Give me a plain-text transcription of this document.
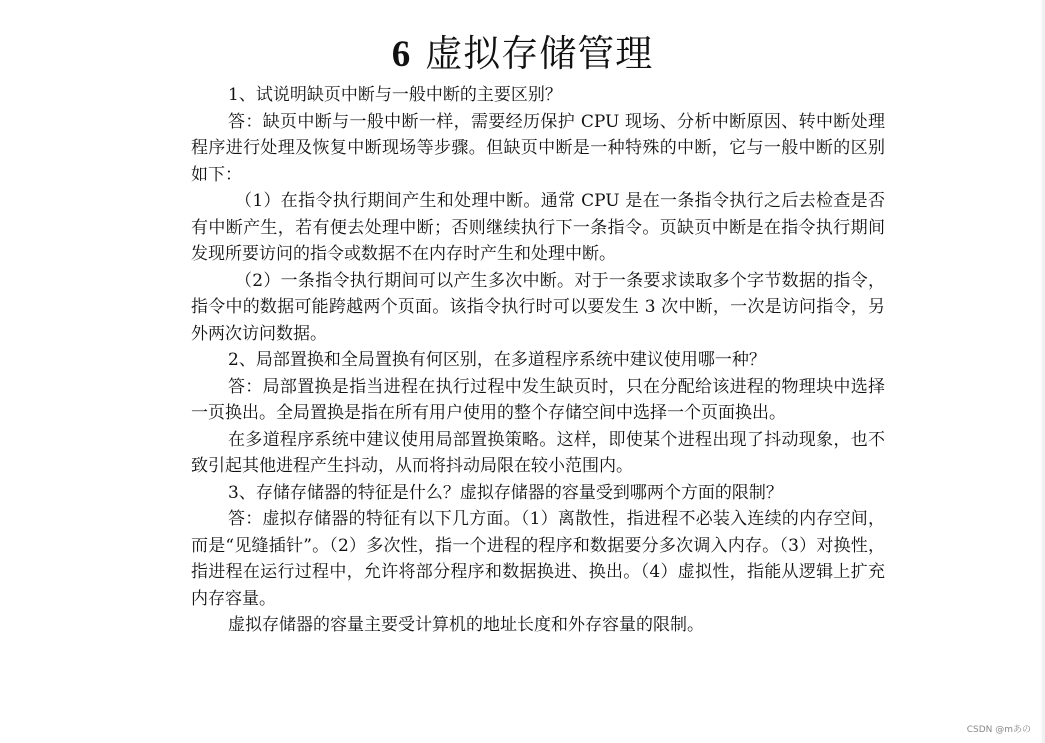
6 虚拟存储管理

1、试说明缺页中断与一般中断的主要区别？

答：缺页中断与一般中断一样，需要经历保护 CPU 现场、分析中断原因、转中断处理程序进行处理及恢复中断现场等步骤。但缺页中断是一种特殊的中断，它与一般中断的区别如下：

（1）在指令执行期间产生和处理中断。通常 CPU 是在一条指令执行之后去检查是否有中断产生，若有便去处理中断；否则继续执行下一条指令。页缺页中断是在指令执行期间发现所要访问的指令或数据不在内存时产生和处理中断。

（2）一条指令执行期间可以产生多次中断。对于一条要求读取多个字节数据的指令，指令中的数据可能跨越两个页面。该指令执行时可以要发生 3 次中断，一次是访问指令，另外两次访问数据。

2、局部置换和全局置换有何区别，在多道程序系统中建议使用哪一种？

答：局部置换是指当进程在执行过程中发生缺页时，只在分配给该进程的物理块中选择一页换出。全局置换是指在所有用户使用的整个存储空间中选择一个页面换出。

在多道程序系统中建议使用局部置换策略。这样，即使某个进程出现了抖动现象，也不致引起其他进程产生抖动，从而将抖动局限在较小范围内。

3、存储存储器的特征是什么？虚拟存储器的容量受到哪两个方面的限制？

答：虚拟存储器的特征有以下几方面。（1）离散性，指进程不必装入连续的内存空间，而是“见缝插针”。（2）多次性，指一个进程的程序和数据要分多次调入内存。（3）对换性，指进程在运行过程中，允许将部分程序和数据换进、换出。（4）虚拟性，指能从逻辑上扩充内存容量。

虚拟存储器的容量主要受计算机的地址长度和外存容量的限制。

CSDN @mあの
